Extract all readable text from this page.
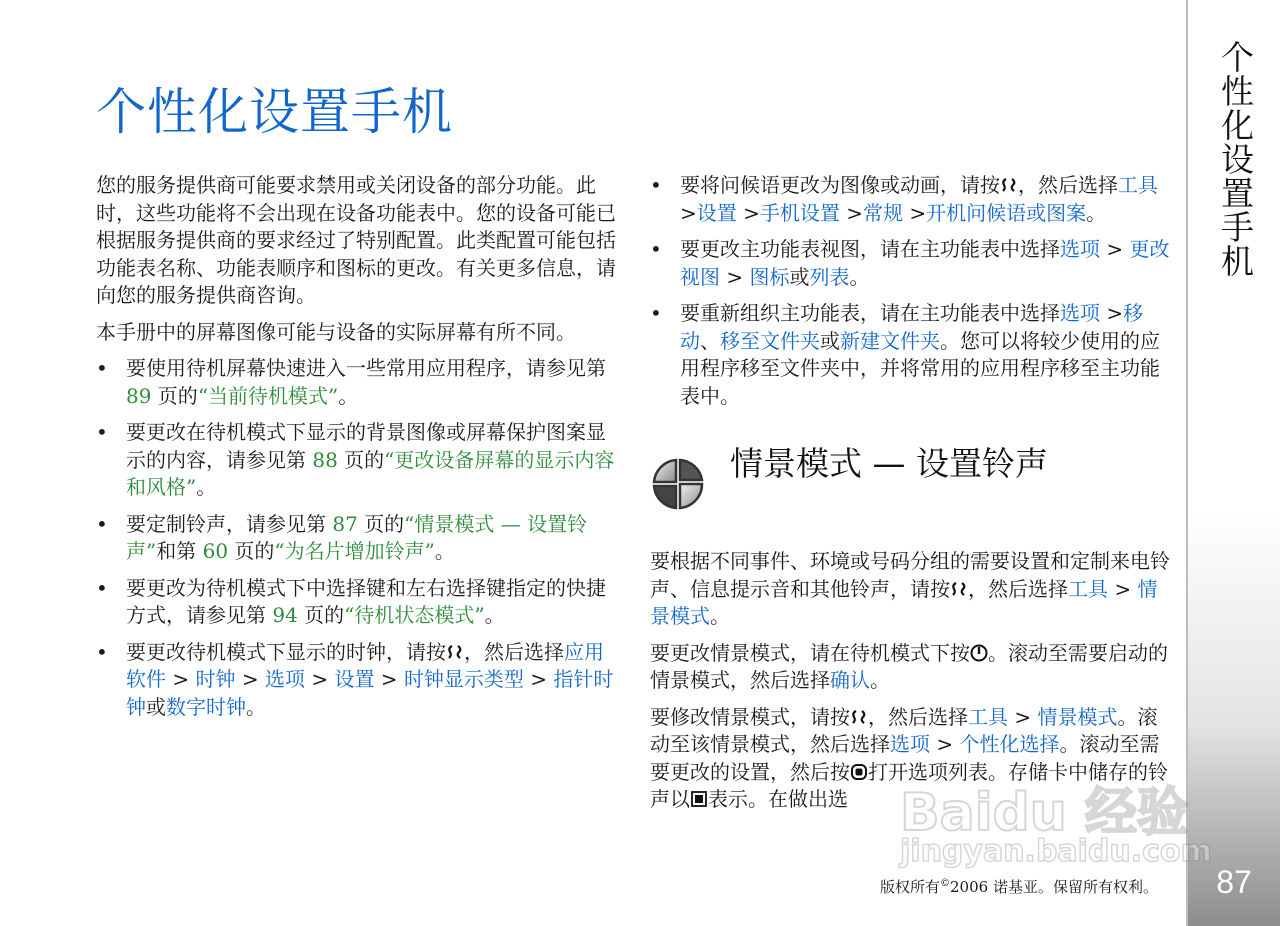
个性化设置手机
87
个性化设置手机

您的服务提供商可能要求禁用或关闭设备的部分功能。此时，这些功能将不会出现在设备功能表中。您的设备可能已根据服务提供商的要求经过了特别配置。此类配置可能包括功能表名称、功能表顺序和图标的更改。有关更多信息，请向您的服务提供商咨询。

本手册中的屏幕图像可能与设备的实际屏幕有所不同。

• 要使用待机屏幕快速进入一些常用应用程序，请参见第 89 页的“当前待机模式”。
• 要更改在待机模式下显示的背景图像或屏幕保护图案显示的内容，请参见第 88 页的“更改设备屏幕的显示内容和风格”。
• 要定制铃声，请参见第 87 页的“情景模式 — 设置铃声”和第 60 页的“为名片增加铃声”。
• 要更改为待机模式下中选择键和左右选择键指定的快捷方式，请参见第 94 页的“待机状态模式”。
• 要更改待机模式下显示的时钟，请按 ，然后选择应用软件 > 时钟 > 选项 > 设置 > 时钟显示类型 > 指针时钟或数字时钟。
• 要将问候语更改为图像或动画，请按 ，然后选择工具 >设置 >手机设置 >常规 >开机问候语或图案。
• 要更改主功能表视图，请在主功能表中选择选项 > 更改视图 > 图标或列表。
• 要重新组织主功能表，请在主功能表中选择选项 >移动、移至文件夹或新建文件夹。您可以将较少使用的应用程序移至文件夹中，并将常用的应用程序移至主功能表中。
情景模式 — 设置铃声

要根据不同事件、环境或号码分组的需要设置和定制来电铃声、信息提示音和其他铃声，请按 ，然后选择工具 > 情景模式。

要更改情景模式，请在待机模式下按 。滚动至需要启动的情景模式，然后选择确认。

要修改情景模式，请按 ，然后选择工具 > 情景模式。滚动至该情景模式，然后选择选项 > 个性化选择。滚动至需要更改的设置，然后按 打开选项列表。存储卡中储存的铃声以 表示。在做出选	Baidu 经验
jingyan.baidu.com
版权所有©2006 诺基亚。保留所有权利。
